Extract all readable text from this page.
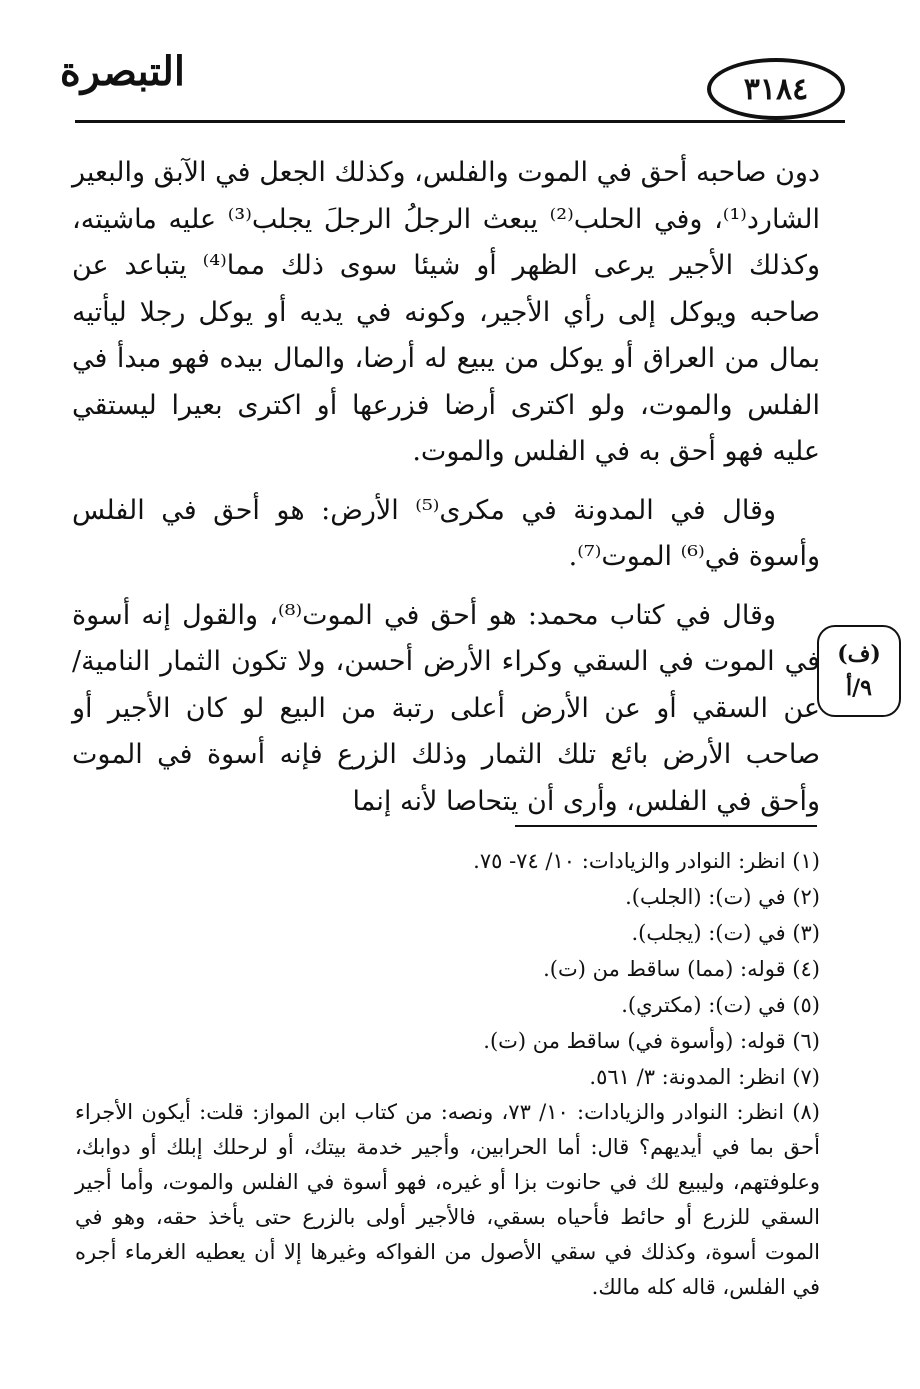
التبصرة	٣١٨٤

دون صاحبه أحق في الموت والفلس، وكذلك الجعل في الآبق والبعير الشارد⁽¹⁾، وفي الحلب⁽²⁾ يبعث الرجلُ الرجلَ يجلب⁽³⁾ عليه ماشيته، وكذلك الأجير يرعى الظهر أو شيئا سوى ذلك مما⁽⁴⁾ يتباعد عن صاحبه ويوكل إلى رأي الأجير، وكونه في يديه أو يوكل رجلا ليأتيه بمال من العراق أو يوكل من يبيع له أرضا، والمال بيده فهو مبدأ في الفلس والموت، ولو اكترى أرضا فزرعها أو اكترى بعيرا ليستقي عليه فهو أحق به في الفلس والموت.

وقال في المدونة في مكرى⁽⁵⁾ الأرض: هو أحق في الفلس وأسوة في⁽⁶⁾ الموت⁽⁷⁾.

وقال في كتاب محمد: هو أحق في الموت⁽⁸⁾، والقول إنه أسوة في الموت في السقي وكراء الأرض أحسن، ولا تكون الثمار النامية/ عن السقي أو عن الأرض أعلى رتبة من البيع لو كان الأجير أو صاحب الأرض بائع تلك الثمار وذلك الزرع فإنه أسوة في الموت وأحق في الفلس، وأرى أن يتحاصا لأنه إنما

(ف)
٩/أ
(١) انظر: النوادر والزيادات: ١٠/ ٧٤- ٧٥.
(٢) في (ت): (الجلب).
(٣) في (ت): (يجلب).
(٤) قوله: (مما) ساقط من (ت).
(٥) في (ت): (مكتري).
(٦) قوله: (وأسوة في) ساقط من (ت).
(٧) انظر: المدونة: ٣/ ٥٦١.
(٨) انظر: النوادر والزيادات: ١٠/ ٧٣، ونصه: من كتاب ابن المواز: قلت: أيكون الأجراء أحق بما في أيديهم؟ قال: أما الحرابين، وأجير خدمة بيتك، أو لرحلك إبلك أو دوابك، وعلوفتهم، وليبيع لك في حانوت بزا أو غيره، فهو أسوة في الفلس والموت، وأما أجير السقي للزرع أو حائط فأحياه بسقي، فالأجير أولى بالزرع حتى يأخذ حقه، وهو في الموت أسوة، وكذلك في سقي الأصول من الفواكه وغيرها إلا أن يعطيه الغرماء أجره في الفلس، قاله كله مالك.
